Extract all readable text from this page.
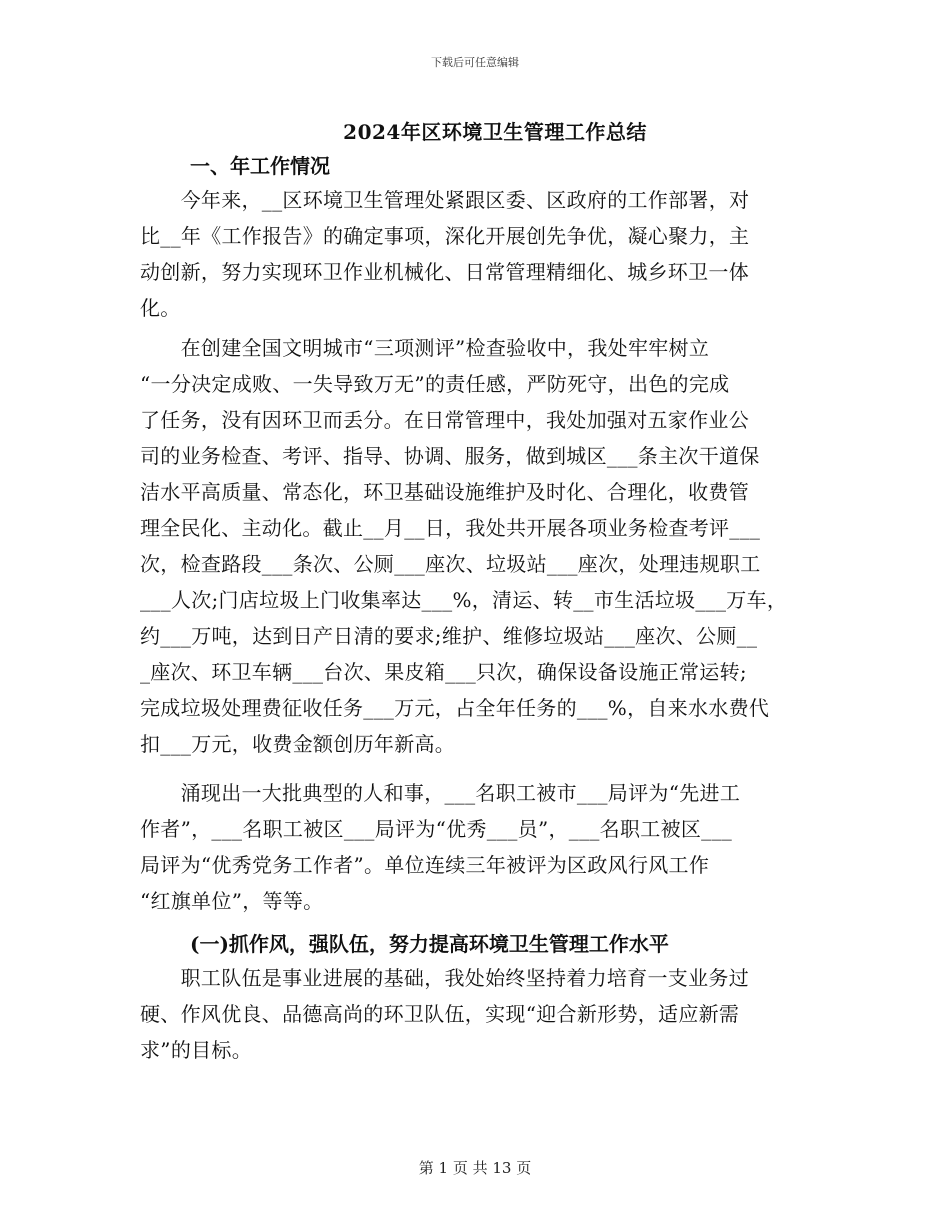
下载后可任意编辑
2024年区环境卫生管理工作总结
一、年工作情况
　　今年来，__区环境卫生管理处紧跟区委、区政府的工作部署，对
比__年《工作报告》的确定事项，深化开展创先争优，凝心聚力，主
动创新，努力实现环卫作业机械化、日常管理精细化、城乡环卫一体
化。
　　在创建全国文明城市“三项测评”检查验收中，我处牢牢树立
“一分决定成败、一失导致万无”的责任感，严防死守，出色的完成
了任务，没有因环卫而丢分。在日常管理中，我处加强对五家作业公
司的业务检查、考评、指导、协调、服务，做到城区___条主次干道保
洁水平高质量、常态化，环卫基础设施维护及时化、合理化，收费管
理全民化、主动化。截止__月__日，我处共开展各项业务检查考评___
次，检查路段___条次、公厕___座次、垃圾站___座次，处理违规职工
___人次;门店垃圾上门收集率达___%，清运、转__市生活垃圾___万车，
约___万吨，达到日产日清的要求;维护、维修垃圾站___座次、公厕__
_座次、环卫车辆___台次、果皮箱___只次，确保设备设施正常运转;
完成垃圾处理费征收任务___万元，占全年任务的___%，自来水水费代
扣___万元，收费金额创历年新高。
　　涌现出一大批典型的人和事，___名职工被市___局评为“先进工
作者”，___名职工被区___局评为“优秀___员”，___名职工被区___
局评为“优秀党务工作者”。单位连续三年被评为区政风行风工作
“红旗单位”，等等。
(一)抓作风，强队伍，努力提高环境卫生管理工作水平
　　职工队伍是事业进展的基础，我处始终坚持着力培育一支业务过
硬、作风优良、品德高尚的环卫队伍，实现“迎合新形势，适应新需
求”的目标。
第 1 页 共 13 页
